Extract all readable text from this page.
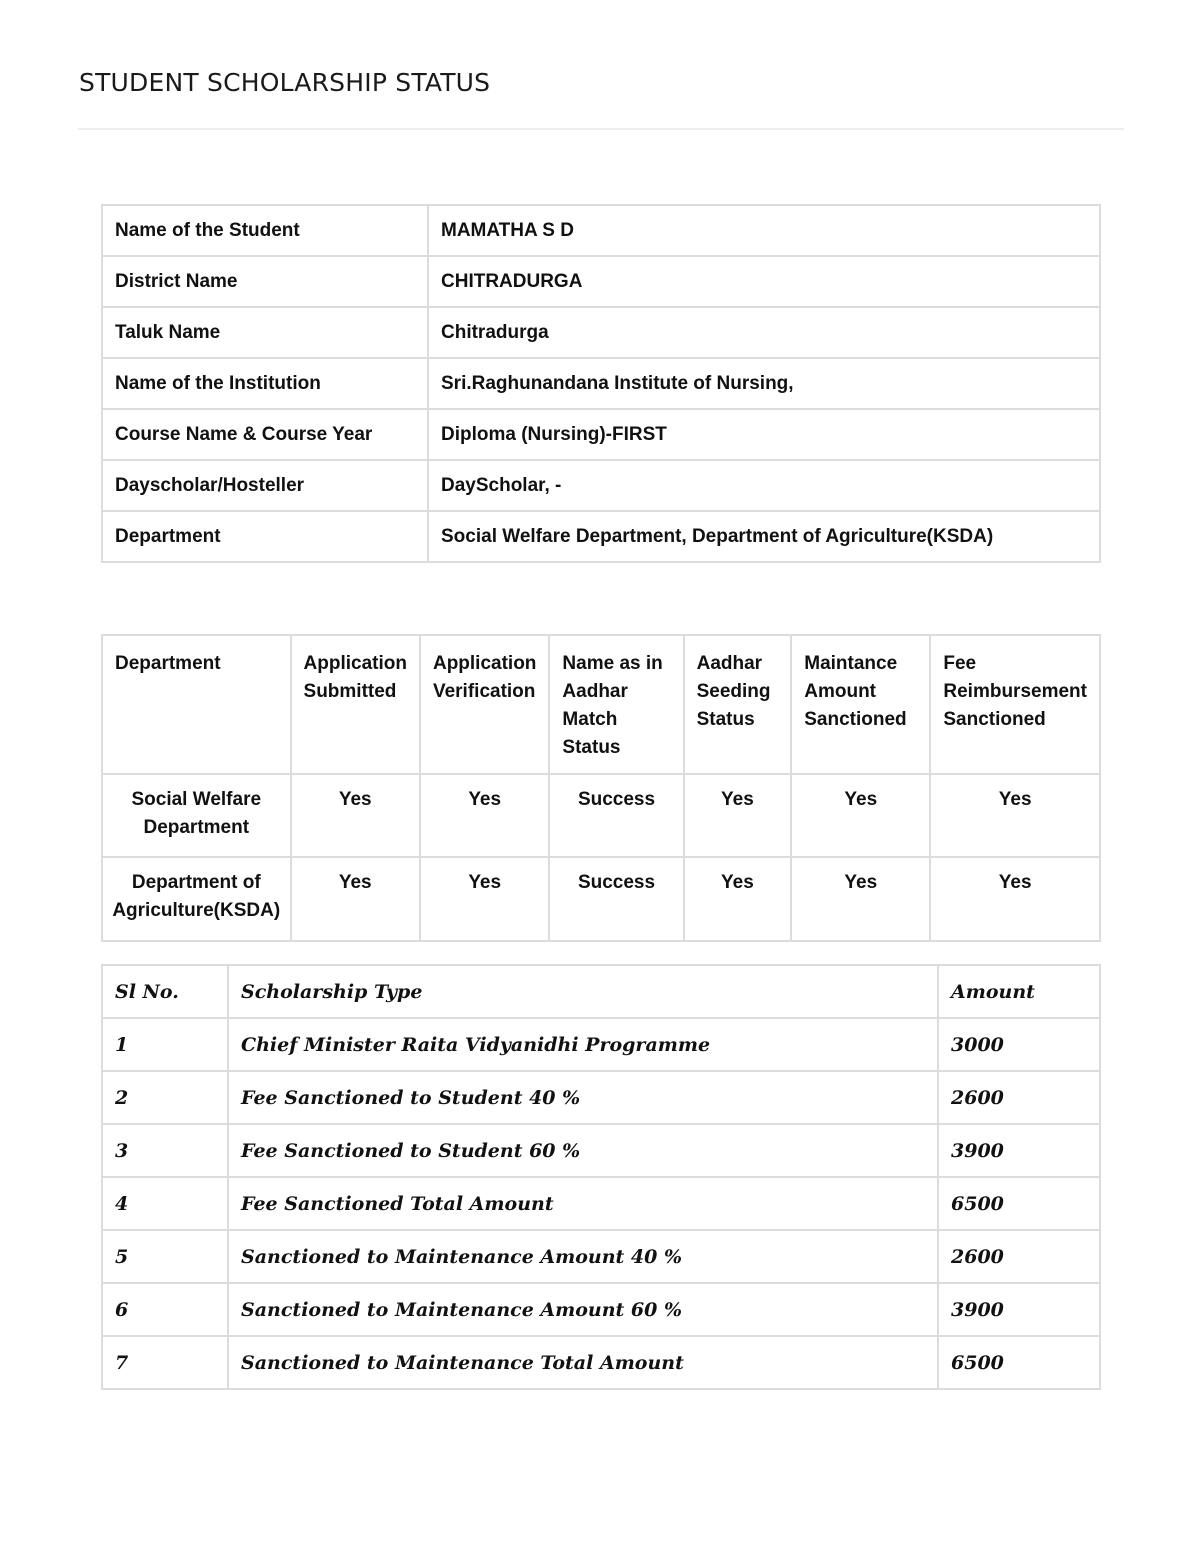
STUDENT SCHOLARSHIP STATUS
Name of the Student	MAMATHA S D
District Name	CHITRADURGA
Taluk Name	Chitradurga
Name of the Institution	Sri.Raghunandana Institute of Nursing,
Course Name & Course Year	Diploma (Nursing)-FIRST
Dayscholar/Hosteller	DayScholar, -
Department	Social Welfare Department, Department of Agriculture(KSDA)
Department	Application Submitted	Application Verification	Name as in Aadhar Match Status	Aadhar Seeding Status	Maintance Amount Sanctioned	Fee Reimbursement Sanctioned
Social Welfare Department	Yes	Yes	Success	Yes	Yes	Yes
Department of Agriculture(KSDA)	Yes	Yes	Success	Yes	Yes	Yes
Sl No.	Scholarship Type	Amount
1	Chief Minister Raita Vidyanidhi Programme	3000
2	Fee Sanctioned to Student 40 %	2600
3	Fee Sanctioned to Student 60 %	3900
4	Fee Sanctioned Total Amount	6500
5	Sanctioned to Maintenance Amount 40 %	2600
6	Sanctioned to Maintenance Amount 60 %	3900
7	Sanctioned to Maintenance Total Amount	6500
